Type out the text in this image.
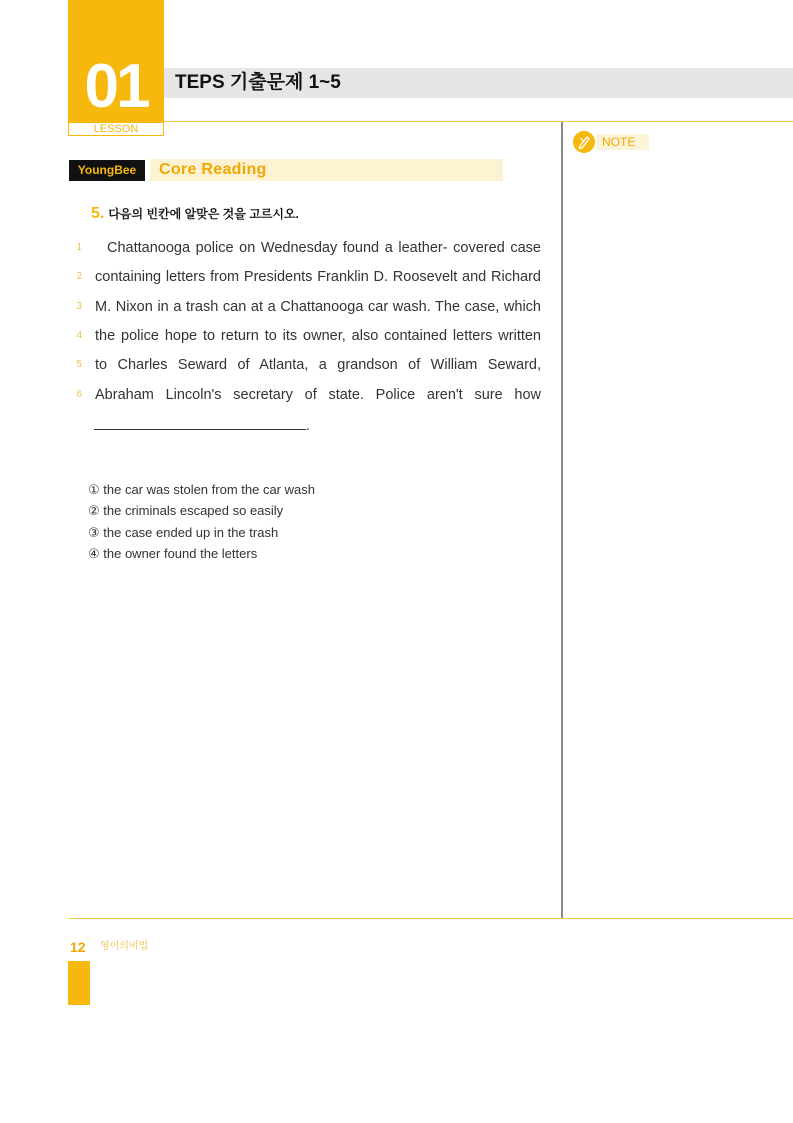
01
LESSON
TEPS 기출문제 1~5
NOTE
YoungBee	Core Reading
5. 다음의 빈칸에 알맞은 것을 고르시오.
1	Chattanooga police on Wednesday found a leather- covered case
2 containing letters from Presidents Franklin D. Roosevelt and Richard
3 M. Nixon in a trash can at a Chattanooga car wash. The case, which
4 the police hope to return to its owner, also contained letters written
5 to Charles Seward of Atlanta, a grandson of William Seward,
6 Abraham Lincoln's secretary of state. Police aren't sure how
.
① the car was stolen from the car wash
② the criminals escaped so easily
③ the case ended up in the trash
④ the owner found the letters
12 영어의비법
